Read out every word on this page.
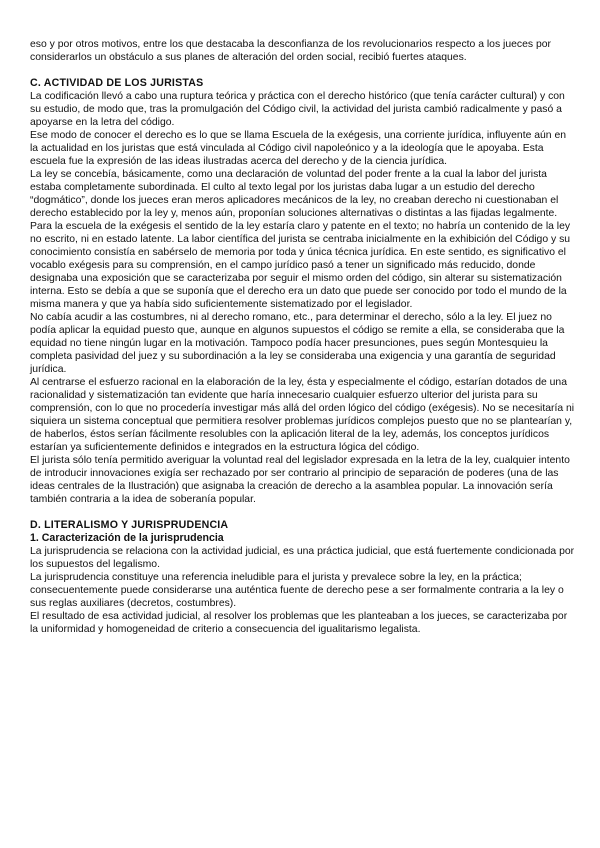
eso y por otros motivos, entre los que destacaba la desconfianza de los revolucionarios respecto a los jueces por considerarlos un obstáculo a sus planes de alteración del orden social, recibió fuertes ataques.

C. ACTIVIDAD DE LOS JURISTAS

La codificación llevó a cabo una ruptura teórica y práctica con el derecho histórico (que tenía carácter cultural) y con su estudio, de modo que, tras la promulgación del Código civil, la actividad del jurista cambió radicalmente y pasó a apoyarse en la letra del código.

Ese modo de conocer el derecho es lo que se llama Escuela de la exégesis, una corriente jurídica, influyente aún en la actualidad en los juristas que está vinculada al Código civil napoleónico y a la ideología que le apoyaba. Esta escuela fue la expresión de las ideas ilustradas acerca del derecho y de la ciencia jurídica.

La ley se concebía, básicamente, como una declaración de voluntad del poder frente a la cual la labor del jurista estaba completamente subordinada. El culto al texto legal por los juristas daba lugar a un estudio del derecho “dogmático”, donde los jueces eran meros aplicadores mecánicos de la ley, no creaban derecho ni cuestionaban el derecho establecido por la ley y, menos aún, proponían soluciones alternativas o distintas a las fijadas legalmente.

Para la escuela de la exégesis el sentido de la ley estaría claro y patente en el texto; no habría un contenido de la ley no escrito, ni en estado latente. La labor científica del jurista se centraba inicialmente en la exhibición del Código y su conocimiento consistía en sabérselo de memoria por toda y única técnica jurídica. En este sentido, es significativo el vocablo exégesis para su comprensión, en el campo jurídico pasó a tener un significado más reducido, donde designaba una exposición que se caracterizaba por seguir el mismo orden del código, sin alterar su sistematización interna. Esto se debía a que se suponía que el derecho era un dato que puede ser conocido por todo el mundo de la misma manera y que ya había sido suficientemente sistematizado por el legislador.

No cabía acudir a las costumbres, ni al derecho romano, etc., para determinar el derecho, sólo a la ley. El juez no podía aplicar la equidad puesto que, aunque en algunos supuestos el código se remite a ella, se consideraba que la equidad no tiene ningún lugar en la motivación. Tampoco podía hacer presunciones, pues según Montesquieu la completa pasividad del juez y su subordinación a la ley se consideraba una exigencia y una garantía de seguridad jurídica.

Al centrarse el esfuerzo racional en la elaboración de la ley, ésta y especialmente el código, estarían dotados de una racionalidad y sistematización tan evidente que haría innecesario cualquier esfuerzo ulterior del jurista para su comprensión, con lo que no procedería investigar más allá del orden lógico del código (exégesis). No se necesitaría ni siquiera un sistema conceptual que permitiera resolver problemas jurídicos complejos puesto que no se plantearían y, de haberlos, éstos serían fácilmente resolubles con la aplicación literal de la ley, además, los conceptos jurídicos estarían ya suficientemente definidos e integrados en la estructura lógica del código.

El jurista sólo tenía permitido averiguar la voluntad real del legislador expresada en la letra de la ley, cualquier intento de introducir innovaciones exigía ser rechazado por ser contrario al principio de separación de poderes (una de las ideas centrales de la Ilustración) que asignaba la creación de derecho a la asamblea popular. La innovación sería también contraria a la idea de soberanía popular.

D. LITERALISMO Y JURISPRUDENCIA
1. Caracterización de la jurisprudencia

La jurisprudencia se relaciona con la actividad judicial, es una práctica judicial, que está fuertemente condicionada por los supuestos del legalismo.

La jurisprudencia constituye una referencia ineludible para el jurista y prevalece sobre la ley, en la práctica; consecuentemente puede considerarse una auténtica fuente de derecho pese a ser formalmente contraria a la ley o sus reglas auxiliares (decretos, costumbres).

El resultado de esa actividad judicial, al resolver los problemas que les planteaban a los jueces, se caracterizaba por la uniformidad y homogeneidad de criterio a consecuencia del igualitarismo legalista.
